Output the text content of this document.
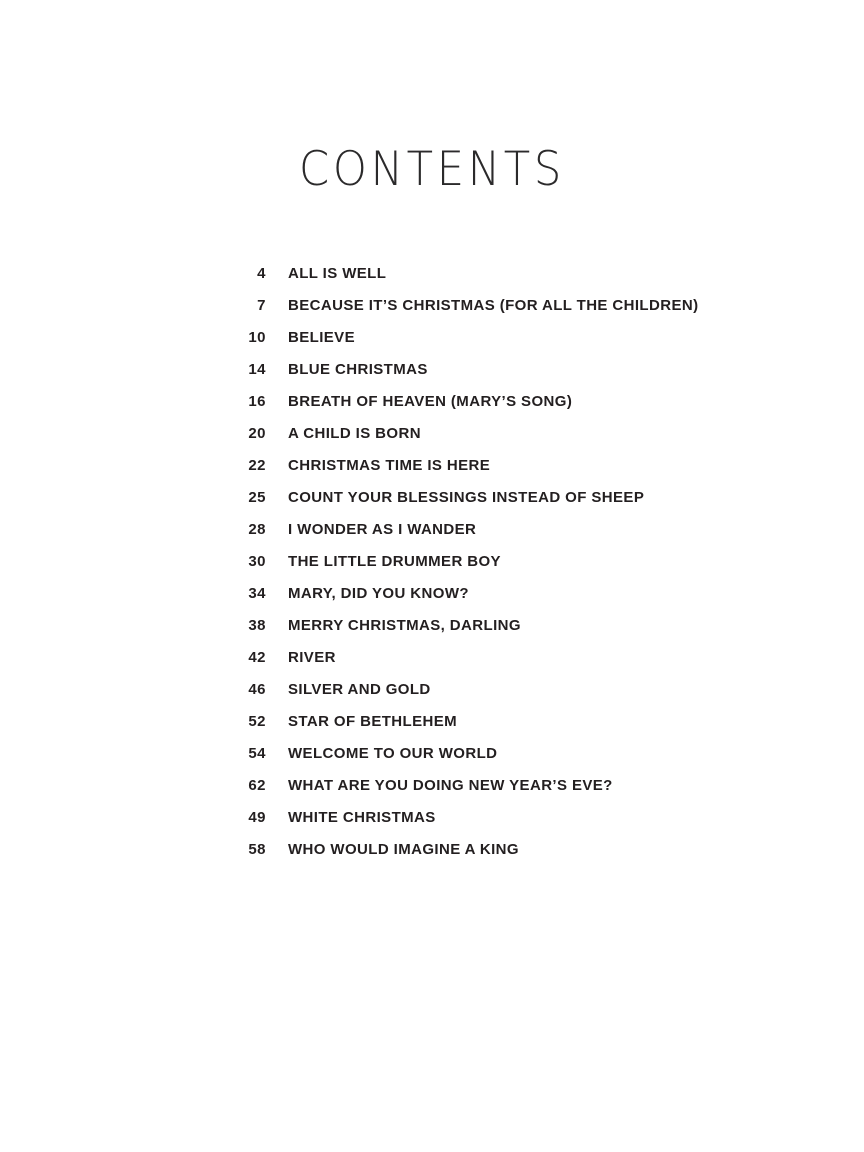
CONTENTS
4	ALL IS WELL
7	BECAUSE IT’S CHRISTMAS (FOR ALL THE CHILDREN)
10	BELIEVE
14	BLUE CHRISTMAS
16	BREATH OF HEAVEN (MARY’S SONG)
20	A CHILD IS BORN
22	CHRISTMAS TIME IS HERE
25	COUNT YOUR BLESSINGS INSTEAD OF SHEEP
28	I WONDER AS I WANDER
30	THE LITTLE DRUMMER BOY
34	MARY, DID YOU KNOW?
38	MERRY CHRISTMAS, DARLING
42	RIVER
46	SILVER AND GOLD
52	STAR OF BETHLEHEM
54	WELCOME TO OUR WORLD
62	WHAT ARE YOU DOING NEW YEAR’S EVE?
49	WHITE CHRISTMAS
58	WHO WOULD IMAGINE A KING
